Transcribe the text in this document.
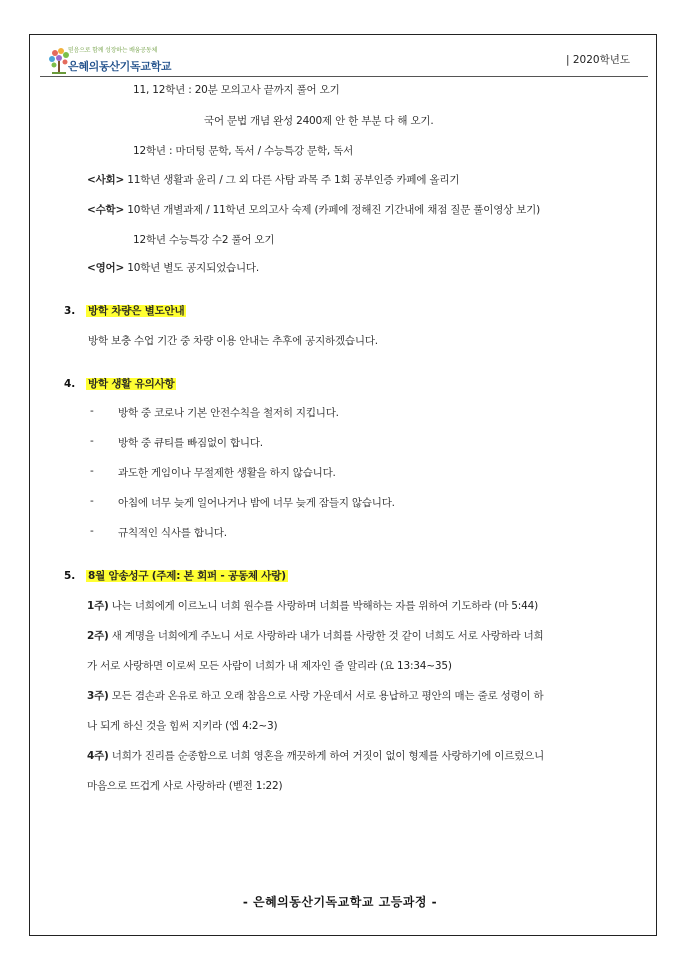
믿음으로 함께 성장하는 배움공동체
은혜의동산기독교학교	| 2020학년도
11, 12학년 : 20분 모의고사 끝까지 풀어 오기
국어 문법 개념 완성 2400제 안 한 부분 다 해 오기.
12학년 : 마더텅 문학, 독서 / 수능특강 문학, 독서
<사회> 11학년 생활과 윤리 / 그 외 다른 사탐 과목 주 1회 공부인증 카페에 올리기
<수학> 10학년 개별과제 / 11학년 모의고사 숙제 (카페에 정해진 기간내에 채점 질문 풀이영상 보기)
12학년 수능특강 수2 풀어 오기
<영어> 10학년 별도 공지되었습니다.
3. 방학 차량은 별도안내
방학 보충 수업 기간 중 차량 이용 안내는 추후에 공지하겠습니다.
4. 방학 생활 유의사항
- 방학 중 코로나 기본 안전수칙을 철저히 지킵니다.
- 방학 중 큐티를 빠짐없이 합니다.
- 과도한 게임이나 무절제한 생활을 하지 않습니다.
- 아침에 너무 늦게 일어나거나 밤에 너무 늦게 잠들지 않습니다.
- 규칙적인 식사를 합니다.
5. 8월 암송성구 (주제: 본 회퍼 - 공동체 사랑)
1주) 나는 너희에게 이르노니 너희 원수를 사랑하며 너희를 박해하는 자를 위하여 기도하라 (마 5:44)
2주) 새 계명을 너희에게 주노니 서로 사랑하라 내가 너희를 사랑한 것 같이 너희도 서로 사랑하라 너희
가 서로 사랑하면 이로써 모든 사람이 너희가 내 제자인 줄 알리라 (요 13:34~35)
3주) 모든 겸손과 온유로 하고 오래 참음으로 사랑 가운데서 서로 용납하고 평안의 매는 줄로 성령이 하
나 되게 하신 것을 힘써 지키라 (엡 4:2~3)
4주) 너희가 진리를 순종함으로 너희 영혼을 깨끗하게 하여 거짓이 없이 형제를 사랑하기에 이르렀으니
마음으로 뜨겁게 사로 사랑하라 (벧전 1:22)
- 은혜의동산기독교학교 고등과정 -
